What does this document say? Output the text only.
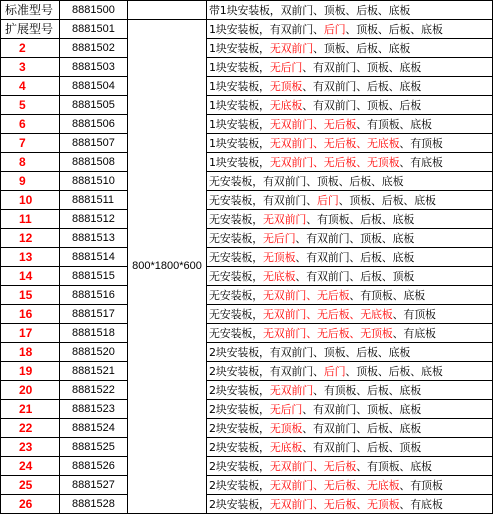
标准型号	8881500		带1块安装板，双前门、顶板、后板、底板
扩展型号	8881501	800*1800*600	1块安装板，有双前门、后门、顶板、后板、底板
2	8881502		1块安装板，无双前门、顶板、后板、底板
3	8881503		1块安装板，无后门、有双前门、顶板、底板
4	8881504		1块安装板，无顶板、有双前门、后板、底板
5	8881505		1块安装板，无底板、有双前门、顶板、后板
6	8881506		1块安装板，无双前门、无后板、有顶板、底板
7	8881507		1块安装板，无双前门、无后板、无底板、有顶板
8	8881508		1块安装板，无双前门、无后板、无顶板、有底板
9	8881510		无安装板，有双前门、顶板、后板、底板
10	8881511		无安装板，有双前门、后门、顶板、后板、底板
11	8881512		无安装板，无双前门、有顶板、后板、底板
12	8881513		无安装板，无后门、有双前门、顶板、底板
13	8881514		无安装板，无顶板、有双前门、后板、底板
14	8881515		无安装板，无底板、有双前门、后板、顶板
15	8881516		无安装板，无双前门、无后板、有顶板、底板
16	8881517		无安装板，无双前门、无后板、无底板、有顶板
17	8881518		无安装板，无双前门、无后板、无顶板、有底板
18	8881520		2块安装板，有双前门、顶板、后板、底板
19	8881521		2块安装板，有双前门、后门、顶板、后板、底板
20	8881522		2块安装板，无双前门、有顶板、后板、底板
21	8881523		2块安装板，无后门、有双前门、顶板、底板
22	8881524		2块安装板，无顶板、有双前门、后板、底板
23	8881525		2块安装板，无底板、有双前门、后板、顶板
24	8881526		2块安装板，无双前门、无后板、有顶板、底板
25	8881527		2块安装板，无双前门、无后板、无底板、有顶板
26	8881528		2块安装板，无双前门、无后板、无顶板、有底板
